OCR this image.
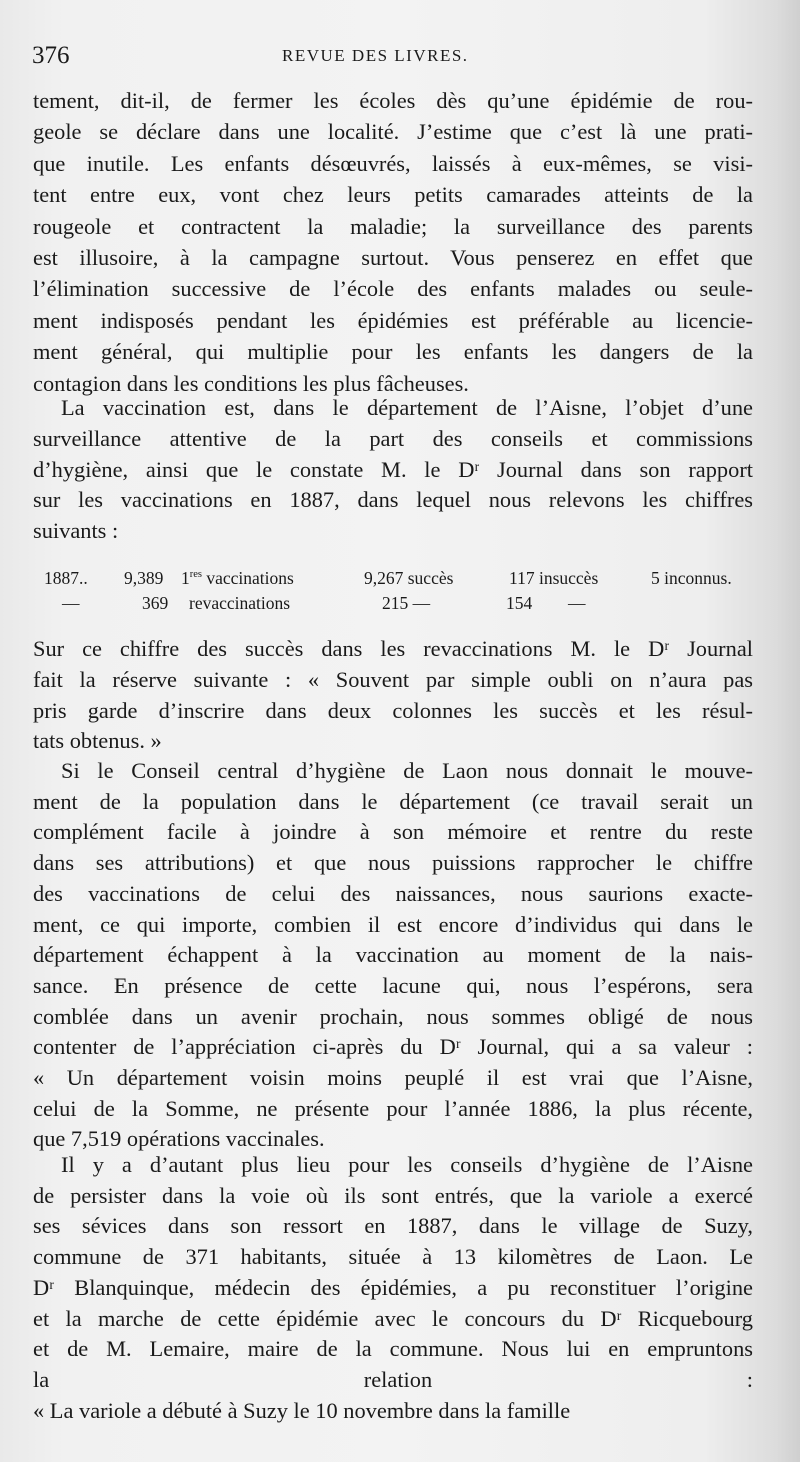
376	REVUE DES LIVRES.
tement, dit-il, de fermer les écoles dès qu’une épidémie de rou-
geole se déclare dans une localité. J’estime que c’est là une prati-
que inutile. Les enfants désœuvrés, laissés à eux-mêmes, se visi-
tent entre eux, vont chez leurs petits camarades atteints de la
rougeole et contractent la maladie; la surveillance des parents
est illusoire, à la campagne surtout. Vous penserez en effet que
l’élimination successive de l’école des enfants malades ou seule-
ment indisposés pendant les épidémies est préférable au licencie-
ment général, qui multiplie pour les enfants les dangers de la
contagion dans les conditions les plus fâcheuses.
La vaccination est, dans le département de l’Aisne, l’objet d’une
surveillance attentive de la part des conseils et commissions
d’hygiène, ainsi que le constate M. le Dʳ Journal dans son rapport
sur les vaccinations en 1887, dans lequel nous relevons les chiffres
suivants :
1887.. 9,389 1res vaccinations	9,267 succès	117 insuccès	5 inconnus.
—	369 revaccinations	215 —	154 —
Sur ce chiffre des succès dans les revaccinations M. le Dʳ Journal
fait la réserve suivante : « Souvent par simple oubli on n’aura pas
pris garde d’inscrire dans deux colonnes les succès et les résul-
tats obtenus. »
Si le Conseil central d’hygiène de Laon nous donnait le mouve-
ment de la population dans le département (ce travail serait un
complément facile à joindre à son mémoire et rentre du reste
dans ses attributions) et que nous puissions rapprocher le chiffre
des vaccinations de celui des naissances, nous saurions exacte-
ment, ce qui importe, combien il est encore d’individus qui dans le
département échappent à la vaccination au moment de la nais-
sance. En présence de cette lacune qui, nous l’espérons, sera
comblée dans un avenir prochain, nous sommes obligé de nous
contenter de l’appréciation ci-après du Dʳ Journal, qui a sa valeur :
« Un département voisin moins peuplé il est vrai que l’Aisne,
celui de la Somme, ne présente pour l’année 1886, la plus récente,
que 7,519 opérations vaccinales.
Il y a d’autant plus lieu pour les conseils d’hygiène de l’Aisne
de persister dans la voie où ils sont entrés, que la variole a exercé
ses sévices dans son ressort en 1887, dans le village de Suzy,
commune de 371 habitants, située à 13 kilomètres de Laon. Le
Dʳ Blanquinque, médecin des épidémies, a pu reconstituer l’origine
et la marche de cette épidémie avec le concours du Dʳ Ricquebourg
et de M. Lemaire, maire de la commune. Nous lui en empruntons
la relation :
« La variole a débuté à Suzy le 10 novembre dans la famille
